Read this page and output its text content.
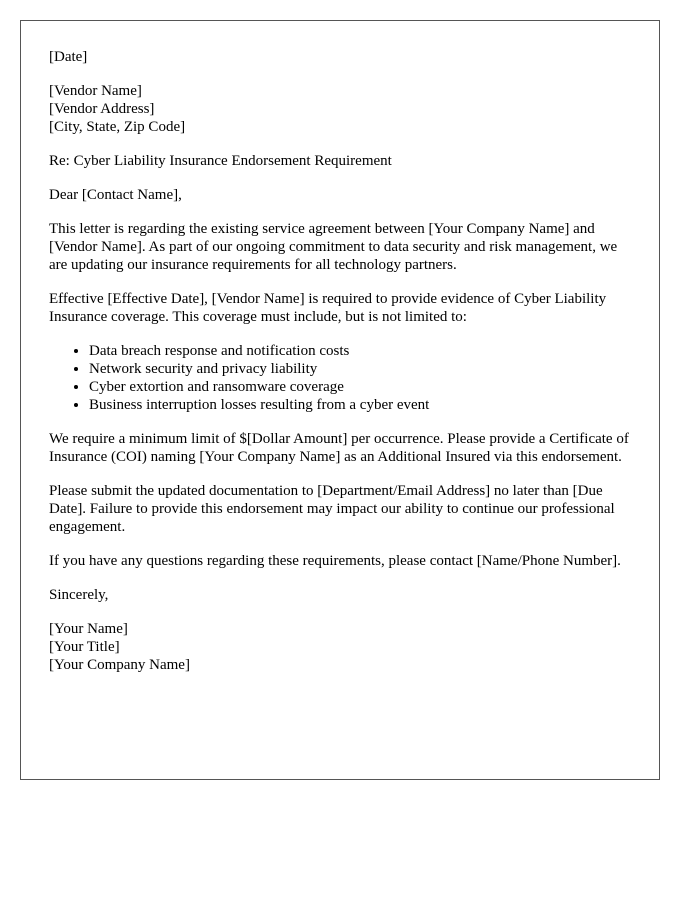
[Date]
[Vendor Name]
[Vendor Address]
[City, State, Zip Code]

Re: Cyber Liability Insurance Endorsement Requirement

Dear [Contact Name],

This letter is regarding the existing service agreement between [Your Company Name] and [Vendor Name]. As part of our ongoing commitment to data security and risk management, we are updating our insurance requirements for all technology partners.

Effective [Effective Date], [Vendor Name] is required to provide evidence of Cyber Liability Insurance coverage. This coverage must include, but is not limited to:

• Data breach response and notification costs
• Network security and privacy liability
• Cyber extortion and ransomware coverage
• Business interruption losses resulting from a cyber event

We require a minimum limit of $[Dollar Amount] per occurrence. Please provide a Certificate of Insurance (COI) naming [Your Company Name] as an Additional Insured via this endorsement.

Please submit the updated documentation to [Department/Email Address] no later than [Due Date]. Failure to provide this endorsement may impact our ability to continue our professional engagement.

If you have any questions regarding these requirements, please contact [Name/Phone Number].

Sincerely,

[Your Name]
[Your Title]
[Your Company Name]
